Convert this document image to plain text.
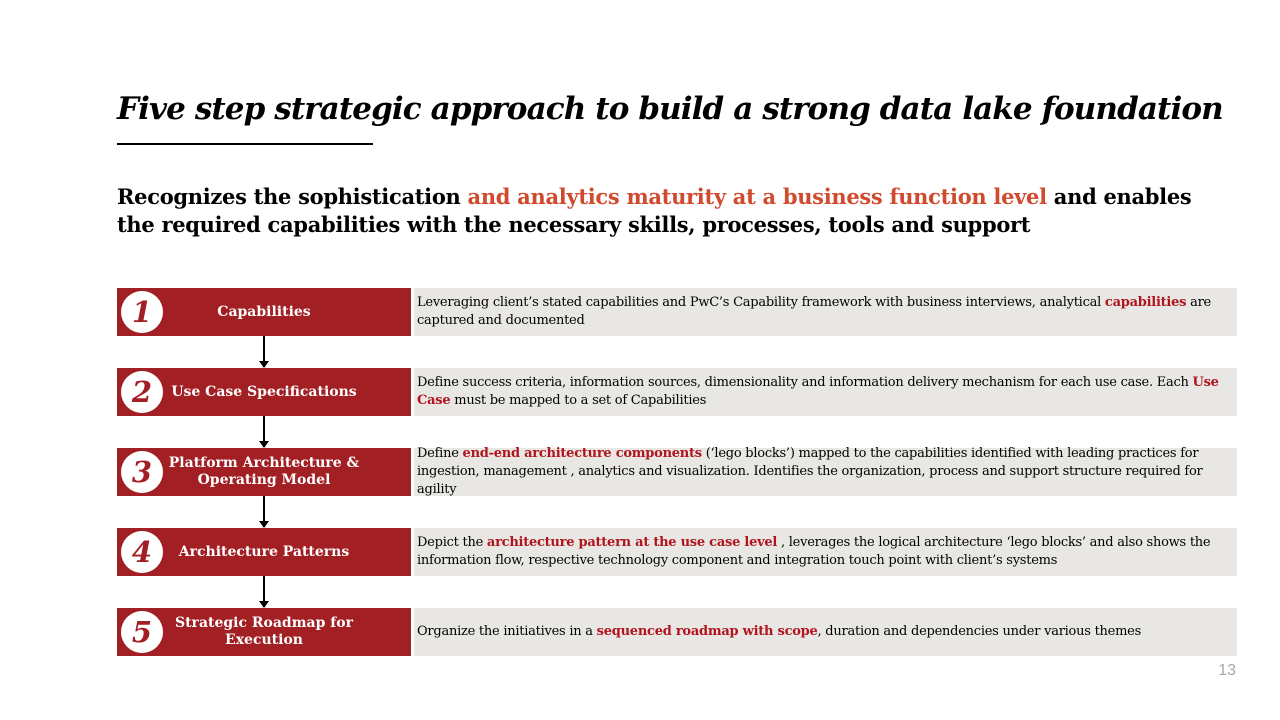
Five step strategic approach to build a strong data lake foundation

Recognizes the sophistication and analytics maturity at a business function level and enables the required capabilities with the necessary skills, processes, tools and support

1	Capabilities
Leveraging client’s stated capabilities and PwC’s Capability framework with business interviews, analytical capabilities are captured and documented
2	Use Case Specifications
Define success criteria, information sources, dimensionality and information delivery mechanism for each use case. Each Use Case must be mapped to a set of Capabilities
3	Platform Architecture & Operating Model
Define end-end architecture components (‘lego blocks’) mapped to the capabilities identified with leading practices for ingestion, management , analytics and visualization. Identifies the organization, process and support structure required for agility
4	Architecture Patterns
Depict the architecture pattern at the use case level , leverages the logical architecture ‘lego blocks’ and also shows the information flow, respective technology component and integration touch point with client’s systems
5	Strategic Roadmap for Execution
Organize the initiatives in a sequenced roadmap with scope, duration and dependencies under various themes
13
